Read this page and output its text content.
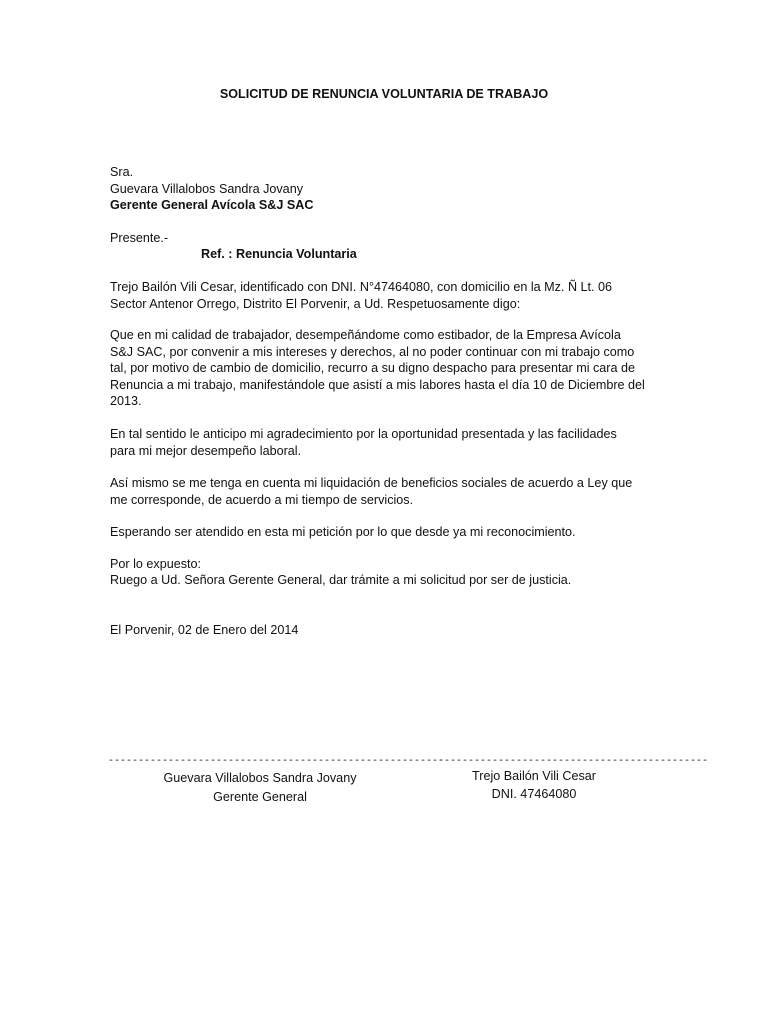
SOLICITUD DE RENUNCIA VOLUNTARIA DE TRABAJO
Sra.
Guevara Villalobos Sandra Jovany
Gerente General Avícola S&J SAC
Presente.-
Ref. : Renuncia Voluntaria
Trejo Bailón Vili Cesar, identificado con DNI. N°47464080, con domicilio en la Mz. Ñ Lt. 06
Sector Antenor Orrego, Distrito El Porvenir, a Ud. Respetuosamente digo:
Que en mi calidad de trabajador, desempeñándome como estibador, de la Empresa Avícola
S&J SAC, por convenir a mis intereses y derechos, al no poder continuar con mi trabajo como
tal, por motivo de cambio de domicilio, recurro a su digno despacho para presentar mi cara de
Renuncia a mi trabajo, manifestándole que asistí a mis labores hasta el día 10 de Diciembre del
2013.
En tal sentido le anticipo mi agradecimiento por la oportunidad presentada y las facilidades
para mi mejor desempeño laboral.
Así mismo se me tenga en cuenta mi liquidación de beneficios sociales de acuerdo a Ley que
me corresponde, de acuerdo a mi tiempo de servicios.
Esperando ser atendido en esta mi petición por lo que desde ya mi reconocimiento.
Por lo expuesto:
Ruego a Ud. Señora Gerente General, dar trámite a mi solicitud por ser de justicia.
El Porvenir, 02 de Enero del 2014
--------------------------------------------------------
Guevara Villalobos Sandra Jovany
Gerente General
---------------------------------------------
Trejo Bailón Vili Cesar
DNI. 47464080
